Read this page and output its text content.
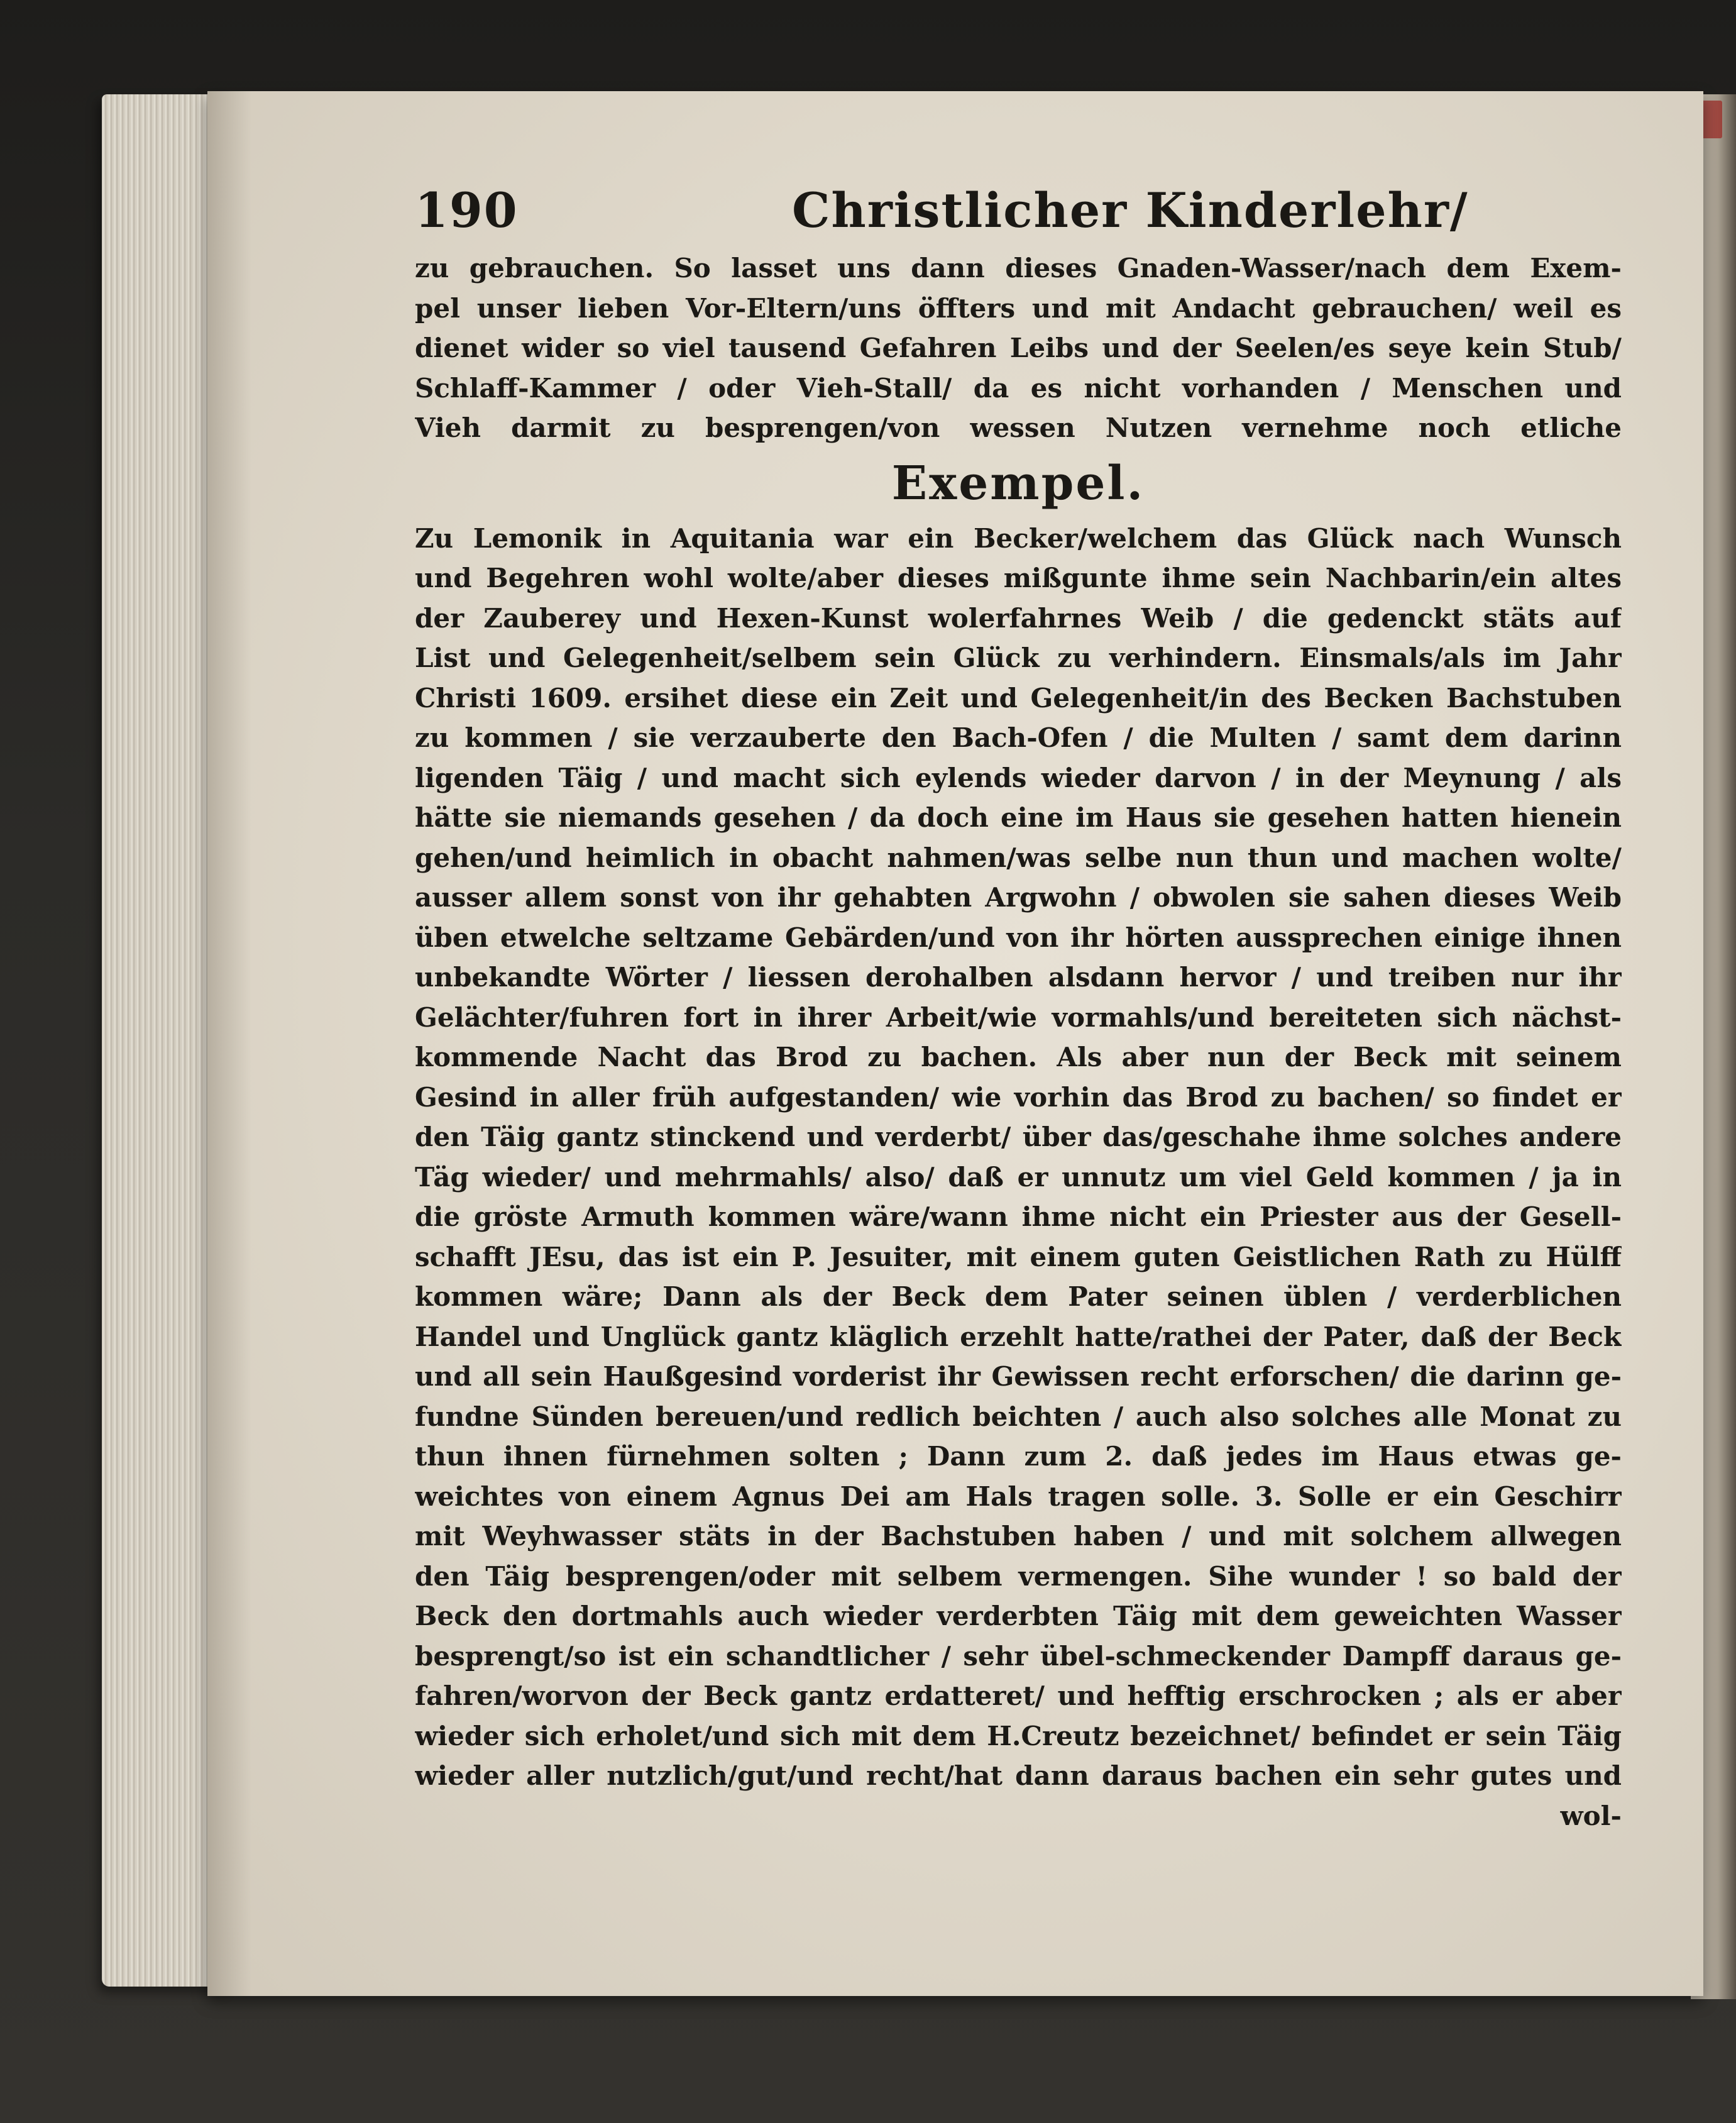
190	Christlicher Kinderlehr/
zu gebrauchen. So lasset uns dann dieses Gnaden-Wasser/nach dem Exem-
pel unser lieben Vor-Eltern/uns öffters und mit Andacht gebrauchen/ weil es
dienet wider so viel tausend Gefahren Leibs und der Seelen/es seye kein Stub/
Schlaff-Kammer / oder Vieh-Stall/ da es nicht vorhanden / Menschen und
Vieh darmit zu besprengen/von wessen Nutzen vernehme noch etliche
Exempel.
Zu Lemonik in Aquitania war ein Becker/welchem das Glück nach Wunsch
und Begehren wohl wolte/aber dieses mißgunte ihme sein Nachbarin/ein altes
der Zauberey und Hexen-Kunst wolerfahrnes Weib / die gedenckt stäts auf
List und Gelegenheit/selbem sein Glück zu verhindern. Einsmals/als im Jahr
Christi 1609. ersihet diese ein Zeit und Gelegenheit/in des Becken Bachstuben
zu kommen / sie verzauberte den Bach-Ofen / die Multen / samt dem darinn
ligenden Täig / und macht sich eylends wieder darvon / in der Meynung / als
hätte sie niemands gesehen / da doch eine im Haus sie gesehen hatten hienein
gehen/und heimlich in obacht nahmen/was selbe nun thun und machen wolte/
ausser allem sonst von ihr gehabten Argwohn / obwolen sie sahen dieses Weib
üben etwelche seltzame Gebärden/und von ihr hörten aussprechen einige ihnen
unbekandte Wörter / liessen derohalben alsdann hervor / und treiben nur ihr
Gelächter/fuhren fort in ihrer Arbeit/wie vormahls/und bereiteten sich nächst-
kommende Nacht das Brod zu bachen. Als aber nun der Beck mit seinem
Gesind in aller früh aufgestanden/ wie vorhin das Brod zu bachen/ so findet er
den Täig gantz stinckend und verderbt/ über das/geschahe ihme solches andere
Täg wieder/ und mehrmahls/ also/ daß er unnutz um viel Geld kommen / ja in
die gröste Armuth kommen wäre/wann ihme nicht ein Priester aus der Gesell-
schafft JEsu, das ist ein P. Jesuiter, mit einem guten Geistlichen Rath zu Hülff
kommen wäre; Dann als der Beck dem Pater seinen üblen / verderblichen
Handel und Unglück gantz kläglich erzehlt hatte/rathei der Pater, daß der Beck
und all sein Haußgesind vorderist ihr Gewissen recht erforschen/ die darinn ge-
fundne Sünden bereuen/und redlich beichten / auch also solches alle Monat zu
thun ihnen fürnehmen solten ; Dann zum 2. daß jedes im Haus etwas ge-
weichtes von einem Agnus Dei am Hals tragen solle. 3. Solle er ein Geschirr
mit Weyhwasser stäts in der Bachstuben haben / und mit solchem allwegen
den Täig besprengen/oder mit selbem vermengen. Sihe wunder ! so bald der
Beck den dortmahls auch wieder verderbten Täig mit dem geweichten Wasser
besprengt/so ist ein schandtlicher / sehr übel-schmeckender Dampff daraus ge-
fahren/worvon der Beck gantz erdatteret/ und hefftig erschrocken ; als er aber
wieder sich erholet/und sich mit dem H.Creutz bezeichnet/ befindet er sein Täig
wieder aller nutzlich/gut/und recht/hat dann daraus bachen ein sehr gutes und
wol-
